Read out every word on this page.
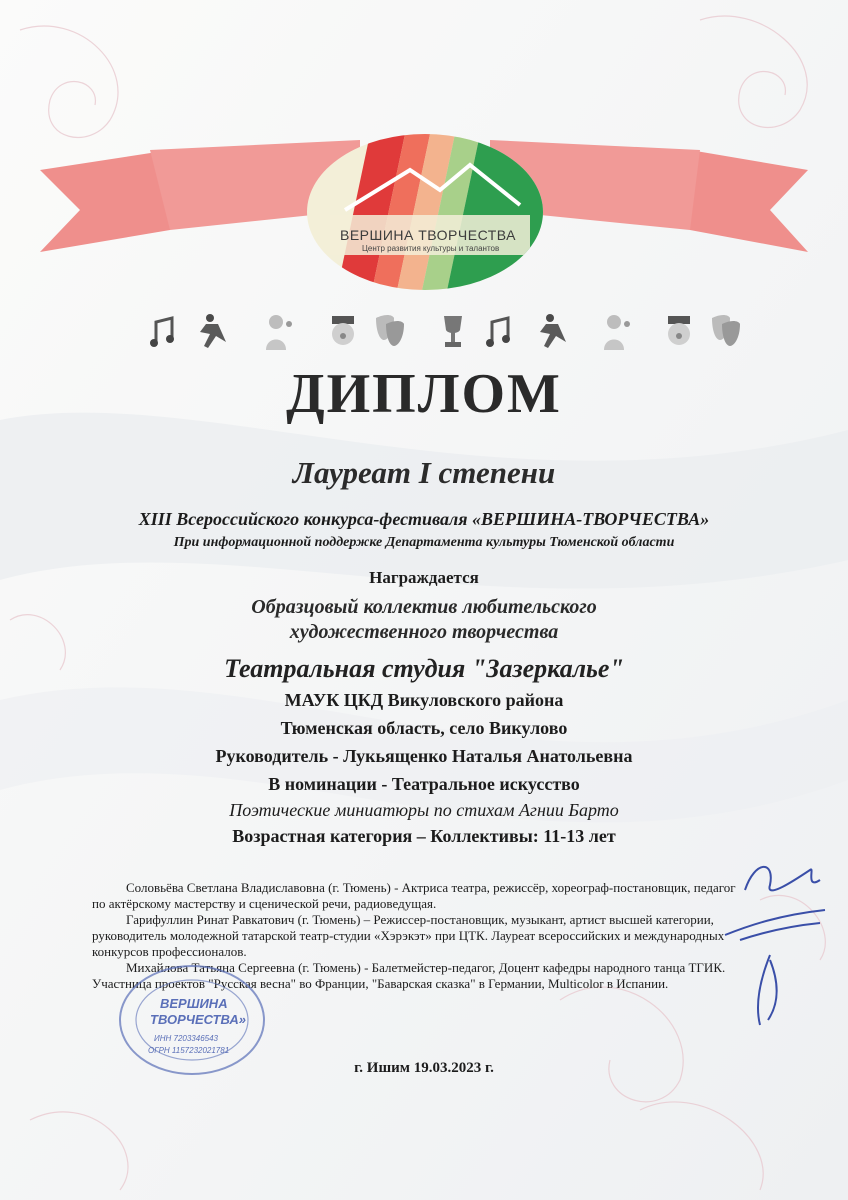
ВЕРШИНА ТВОРЧЕСТВА
Центр развития культуры и талантов
ДИПЛОМ
Лауреат I степени
XIII Всероссийского конкурса-фестиваля «ВЕРШИНА-ТВОРЧЕСТВА»
При информационной поддержке Департамента культуры Тюменской области
Награждается
Образцовый коллектив любительского
художественного творчества
Театральная студия "Зазеркалье"
МАУК ЦКД Викуловского района
Тюменская область, село Викулово
Руководитель - Лукьященко Наталья Анатольевна
В номинации - Театральное искусство
Поэтические миниатюры по стихам Агнии Барто
Возрастная категория – Коллективы: 11-13 лет

Соловьёва Светлана Владиславовна (г. Тюмень) - Актриса театра, режиссёр, хореограф-постановщик, педагог по актёрскому мастерству и сценической речи, радиоведущая.

Гарифуллин Ринат Равкатович (г. Тюмень) – Режиссер-постановщик, музыкант, артист высшей категории, руководитель молодежной татарской театр-студии «Хэрэкэт» при ЦТК. Лауреат всероссийских и международных конкурсов профессионалов.

Михайлова Татьяна Сергеевна (г. Тюмень) - Балетмейстер-педагог, Доцент кафедры народного танца ТГИК. Участница проектов "Русская весна" во Франции, "Баварская сказка" в Германии, Multicolor в Испании.

ВЕРШИНА
ТВОРЧЕСТВА»
ИНН 7203346543
ОГРН 1157232021781
г. Ишим 19.03.2023 г.
